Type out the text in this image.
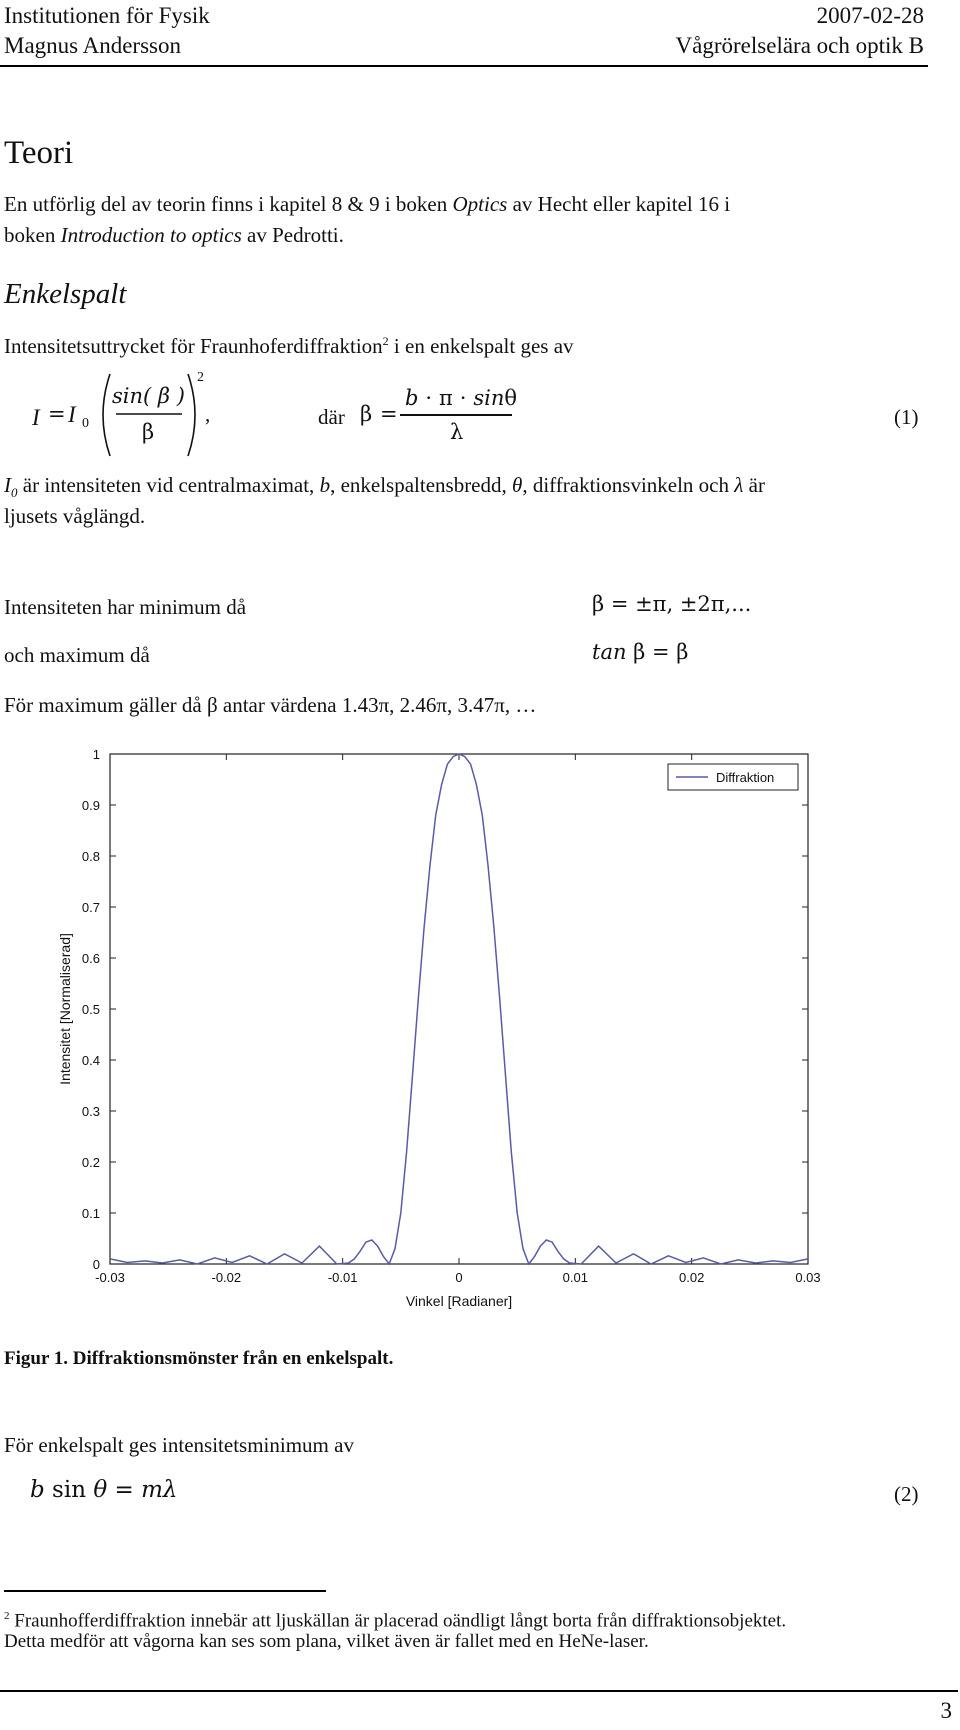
Institutionen för Fysik	2007-02-28
Magnus Andersson	Vågrörelselära och optik B
Teori
En utförlig del av teorin finns i kapitel 8 & 9 i boken Optics av Hecht eller kapitel 16 i
boken Introduction to optics av Pedrotti.
Enkelspalt
Intensitetsuttrycket för Fraunhoferdiffraktion$^2$ i en enkelspalt ges av
I = I 0
sin( β )
β
2
,	där β =
b ⋅ π ⋅ sinθ
λ
(1)
$I_0$ är intensiteten vid centralmaximat, b, enkelspaltensbredd, θ, diffraktionsvinkeln och λ är
ljusets våglängd.
Intensiteten har minimum då	β = ±π, ±2π,...
och maximum då	tan β = β
För maximum gäller då β antar värdena 1.43π, 2.46π, 3.47π, …
-0.03	-0.02	-0.01	0	0.01	0.02	0.03
0
0.1
0.2
0.3
0.4
0.5
0.6
0.7
0.8
0.9
1
Vinkel [Radianer]
Intensitet [Normaliserad]
Diffraktion
Figur 1. Diffraktionsmönster från en enkelspalt.
För enkelspalt ges intensitetsminimum av
b sin θ = mλ	(2)
$^2$ Fraunhofferdiffraktion innebär att ljuskällan är placerad oändligt långt borta från diffraktionsobjektet.
Detta medför att vågorna kan ses som plana, vilket även är fallet med en HeNe-laser.
3
